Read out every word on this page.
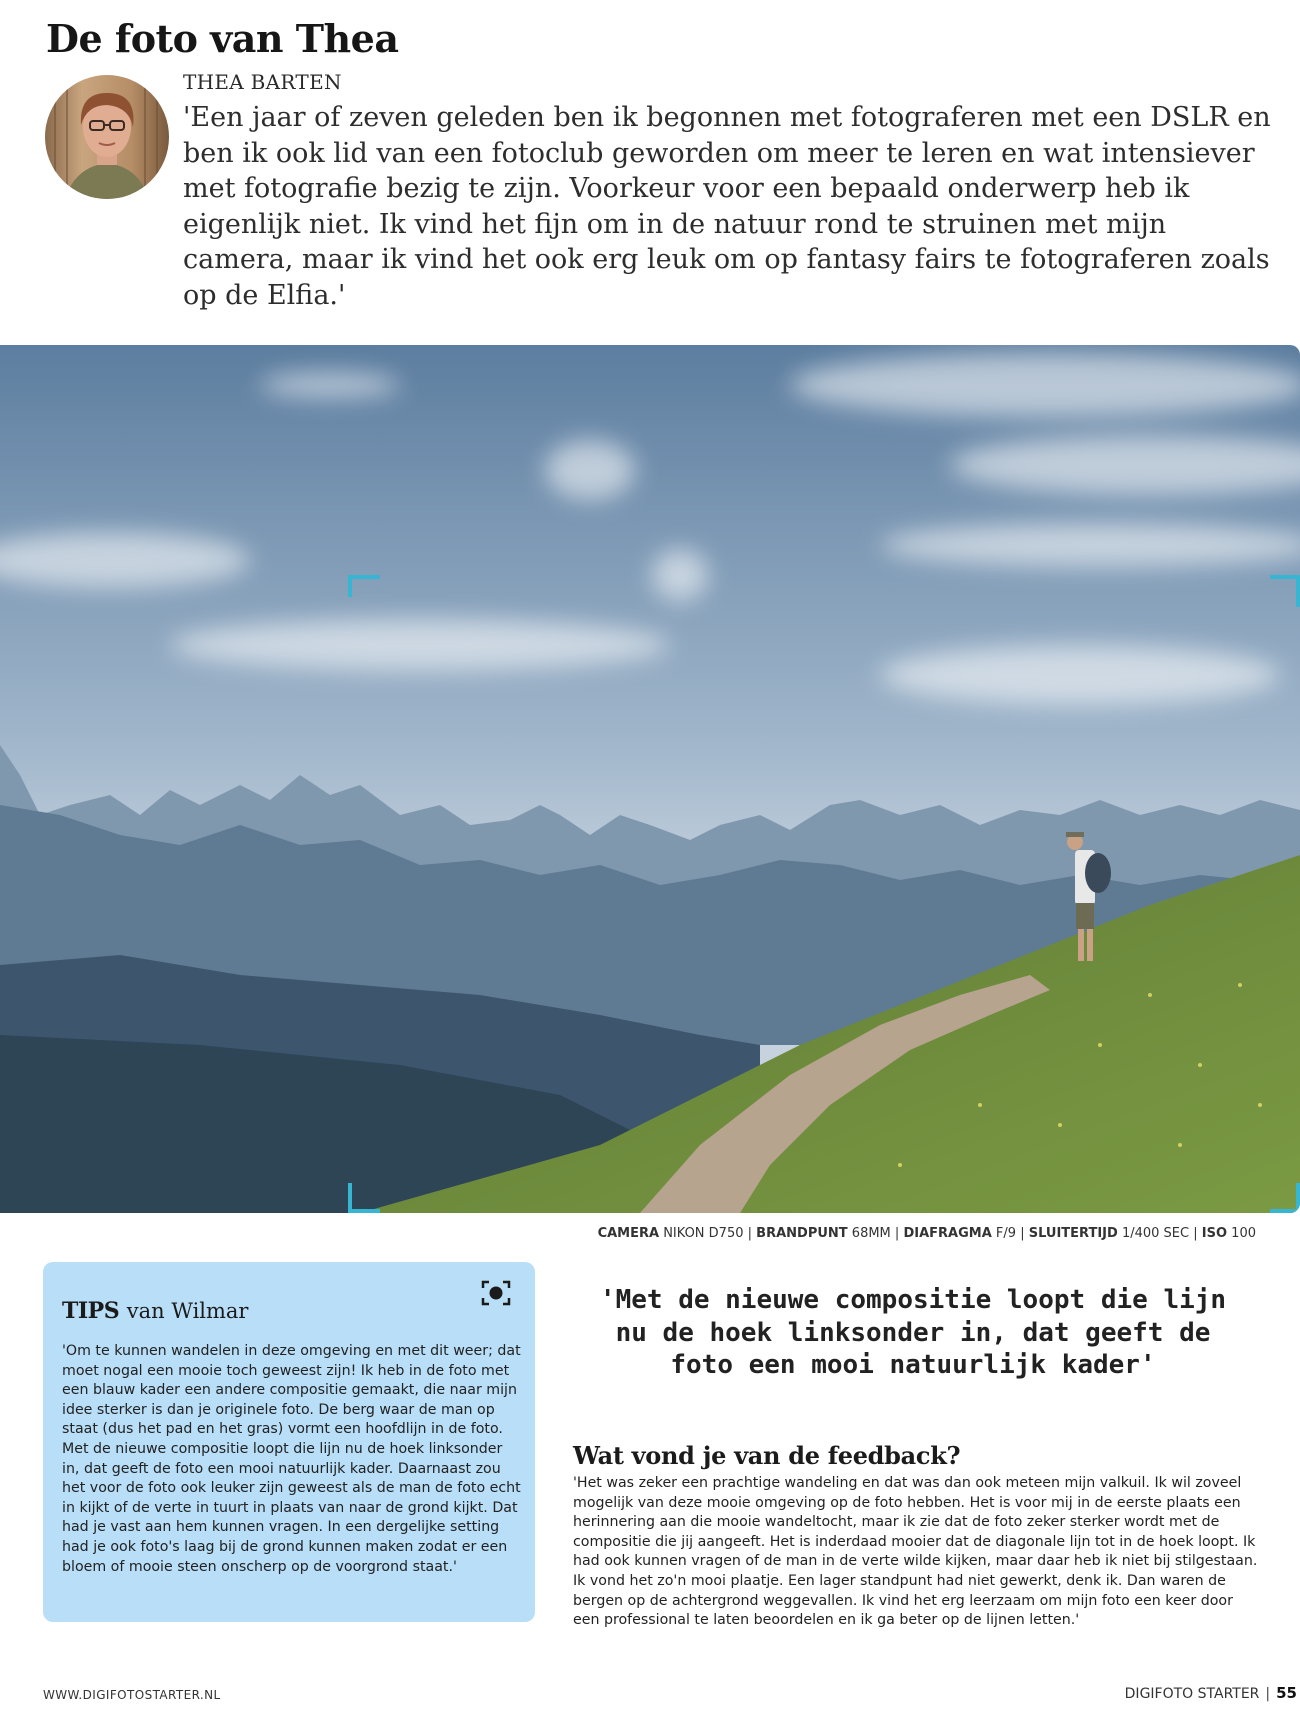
De foto van Thea
THEA BARTEN

'Een jaar of zeven geleden ben ik begonnen met fotograferen met een DSLR en ben ik ook lid van een fotoclub geworden om meer te leren en wat intensiever met fotografie bezig te zijn. Voorkeur voor een bepaald onderwerp heb ik eigenlijk niet. Ik vind het fijn om in de natuur rond te struinen met mijn camera, maar ik vind het ook erg leuk om op fantasy fairs te fotograferen zoals op de Elfia.'

CAMERA NIKON D750 | BRANDPUNT 68MM | DIAFRAGMA F/9 | SLUITERTIJD 1/400 SEC | ISO 100
TIPS van Wilmar

'Om te kunnen wandelen in deze omgeving en met dit weer; dat moet nogal een mooie toch geweest zijn! Ik heb in de foto met een blauw kader een andere compositie gemaakt, die naar mijn idee sterker is dan je originele foto. De berg waar de man op staat (dus het pad en het gras) vormt een hoofdlijn in de foto. Met de nieuwe compositie loopt die lijn nu de hoek linksonder in, dat geeft de foto een mooi natuurlijk kader. Daarnaast zou het voor de foto ook leuker zijn geweest als de man de foto echt in kijkt of de verte in tuurt in plaats van naar de grond kijkt. Dat had je vast aan hem kunnen vragen. In een dergelijke setting had je ook foto's laag bij de grond kunnen maken zodat er een bloem of mooie steen onscherp op de voorgrond staat.'

'Met de nieuwe compositie loopt die lijn nu de hoek linksonder in, dat geeft de foto een mooi natuurlijk kader'

Wat vond je van de feedback?

'Het was zeker een prachtige wandeling en dat was dan ook meteen mijn valkuil. Ik wil zoveel mogelijk van deze mooie omgeving op de foto hebben. Het is voor mij in de eerste plaats een herinnering aan die mooie wandeltocht, maar ik zie dat de foto zeker sterker wordt met de compositie die jij aangeeft. Het is inderdaad mooier dat de diagonale lijn tot in de hoek loopt. Ik had ook kunnen vragen of de man in de verte wilde kijken, maar daar heb ik niet bij stilgestaan. Ik vond het zo'n mooi plaatje. Een lager standpunt had niet gewerkt, denk ik. Dan waren de bergen op de achtergrond weggevallen. Ik vind het erg leerzaam om mijn foto een keer door een professional te laten beoordelen en ik ga beter op de lijnen letten.'

WWW.DIGIFOTOSTARTER.NL	DIGIFOTO STARTER | 55
